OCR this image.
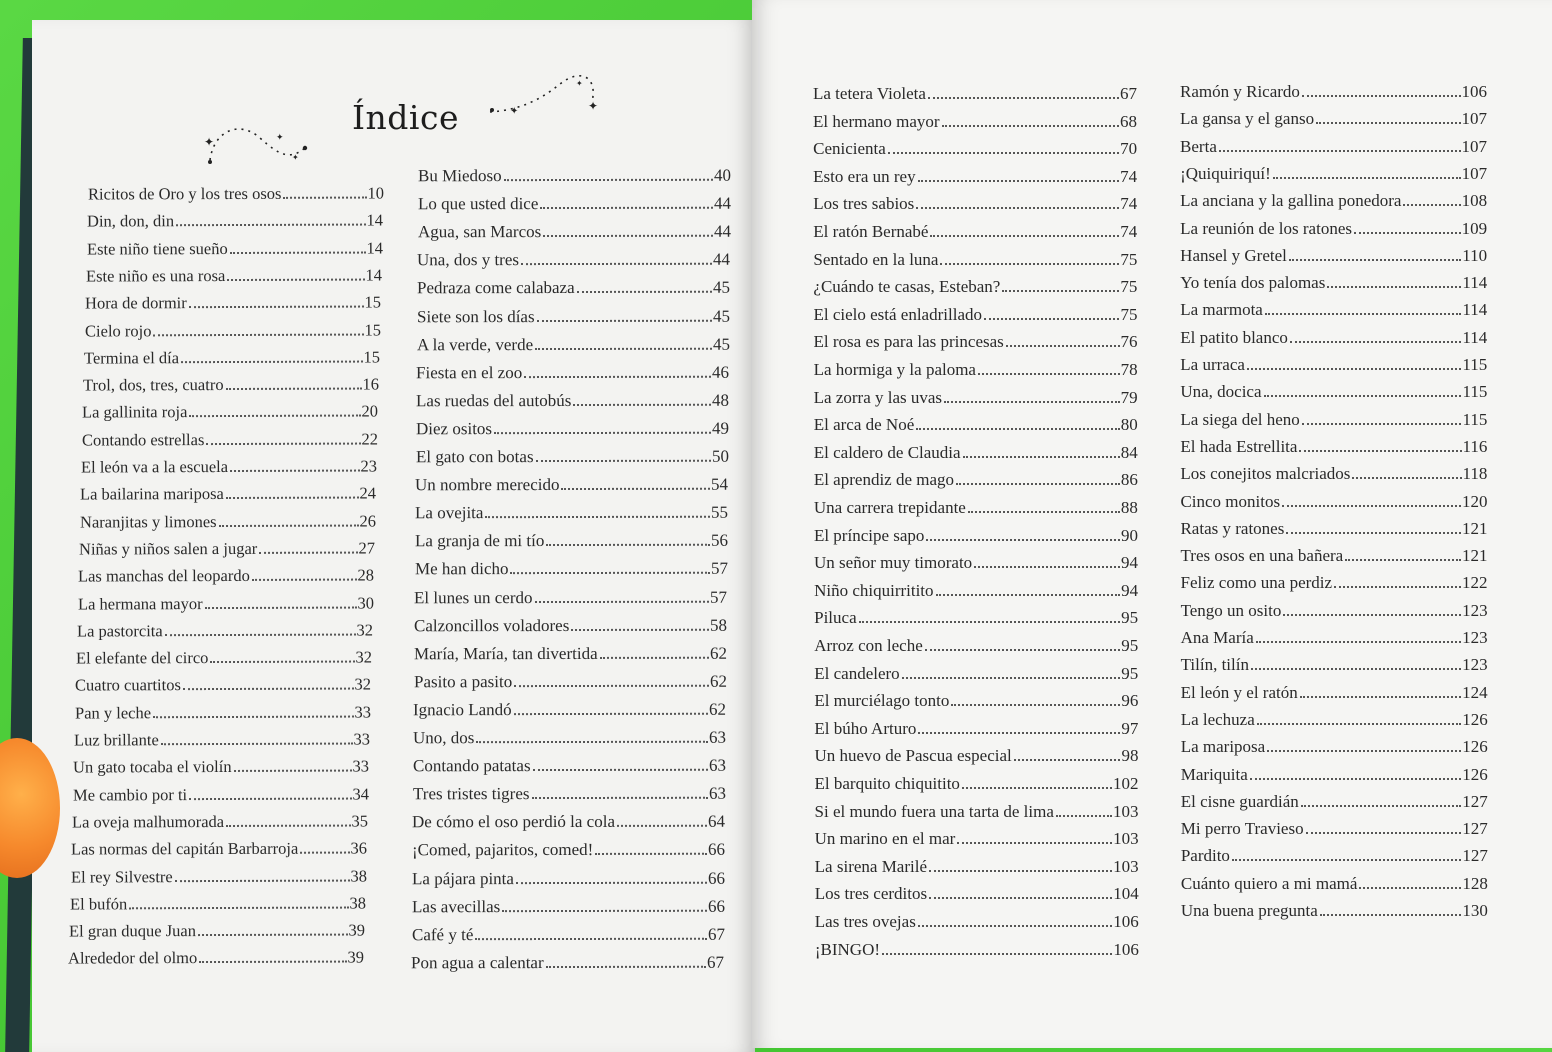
✦	✦
✦
Índice	✦	✦
✦
Ricitos de Oro y los tres osos	10
Din, don, din	14
Este niño tiene sueño	14
Este niño es una rosa	14
Hora de dormir	15
Cielo rojo	15
Termina el día	15
Trol, dos, tres, cuatro	16
La gallinita roja	20
Contando estrellas	22
El león va a la escuela	23
La bailarina mariposa	24
Naranjitas y limones	26
Niñas y niños salen a jugar	27
Las manchas del leopardo	28
La hermana mayor	30
La pastorcita	32
El elefante del circo	32
Cuatro cuartitos	32
Pan y leche	33
Luz brillante	33
Un gato tocaba el violín	33
Me cambio por ti	34
La oveja malhumorada	35
Las normas del capitán Barbarroja	36
El rey Silvestre	38
El bufón	38
El gran duque Juan	39
Alrededor del olmo	39
Bu Miedoso	40
Lo que usted dice	44
Agua, san Marcos	44
Una, dos y tres	44
Pedraza come calabaza	45
Siete son los días	45
A la verde, verde	45
Fiesta en el zoo	46
Las ruedas del autobús	48
Diez ositos	49
El gato con botas	50
Un nombre merecido	54
La ovejita	55
La granja de mi tío	56
Me han dicho	57
El lunes un cerdo	57
Calzoncillos voladores	58
María, María, tan divertida	62
Pasito a pasito	62
Ignacio Landó	62
Uno, dos	63
Contando patatas	63
Tres tristes tigres	63
De cómo el oso perdió la cola	64
¡Comed, pajaritos, comed!	66
La pájara pinta	66
Las avecillas	66
Café y té	67
Pon agua a calentar	67
La tetera Violeta	67
El hermano mayor	68
Cenicienta	70
Esto era un rey	74
Los tres sabios	74
El ratón Bernabé	74
Sentado en la luna	75
¿Cuándo te casas, Esteban?	75
El cielo está enladrillado	75
El rosa es para las princesas	76
La hormiga y la paloma	78
La zorra y las uvas	79
El arca de Noé	80
El caldero de Claudia	84
El aprendiz de mago	86
Una carrera trepidante	88
El príncipe sapo	90
Un señor muy timorato	94
Niño chiquirritito	94
Piluca	95
Arroz con leche	95
El candelero	95
El murciélago tonto	96
El búho Arturo	97
Un huevo de Pascua especial	98
El barquito chiquitito	102
Si el mundo fuera una tarta de lima	103
Un marino en el mar	103
La sirena Marilé	103
Los tres cerditos	104
Las tres ovejas	106
¡BINGO!	106
Ramón y Ricardo	106
La gansa y el ganso	107
Berta	107
¡Quiquiriquí!	107
La anciana y la gallina ponedora	108
La reunión de los ratones	109
Hansel y Gretel	110
Yo tenía dos palomas	114
La marmota	114
El patito blanco	114
La urraca	115
Una, docica	115
La siega del heno	115
El hada Estrellita	116
Los conejitos malcriados	118
Cinco monitos	120
Ratas y ratones	121
Tres osos en una bañera	121
Feliz como una perdiz	122
Tengo un osito	123
Ana María	123
Tilín, tilín	123
El león y el ratón	124
La lechuza	126
La mariposa	126
Mariquita	126
El cisne guardián	127
Mi perro Travieso	127
Pardito	127
Cuánto quiero a mi mamá	128
Una buena pregunta	130
